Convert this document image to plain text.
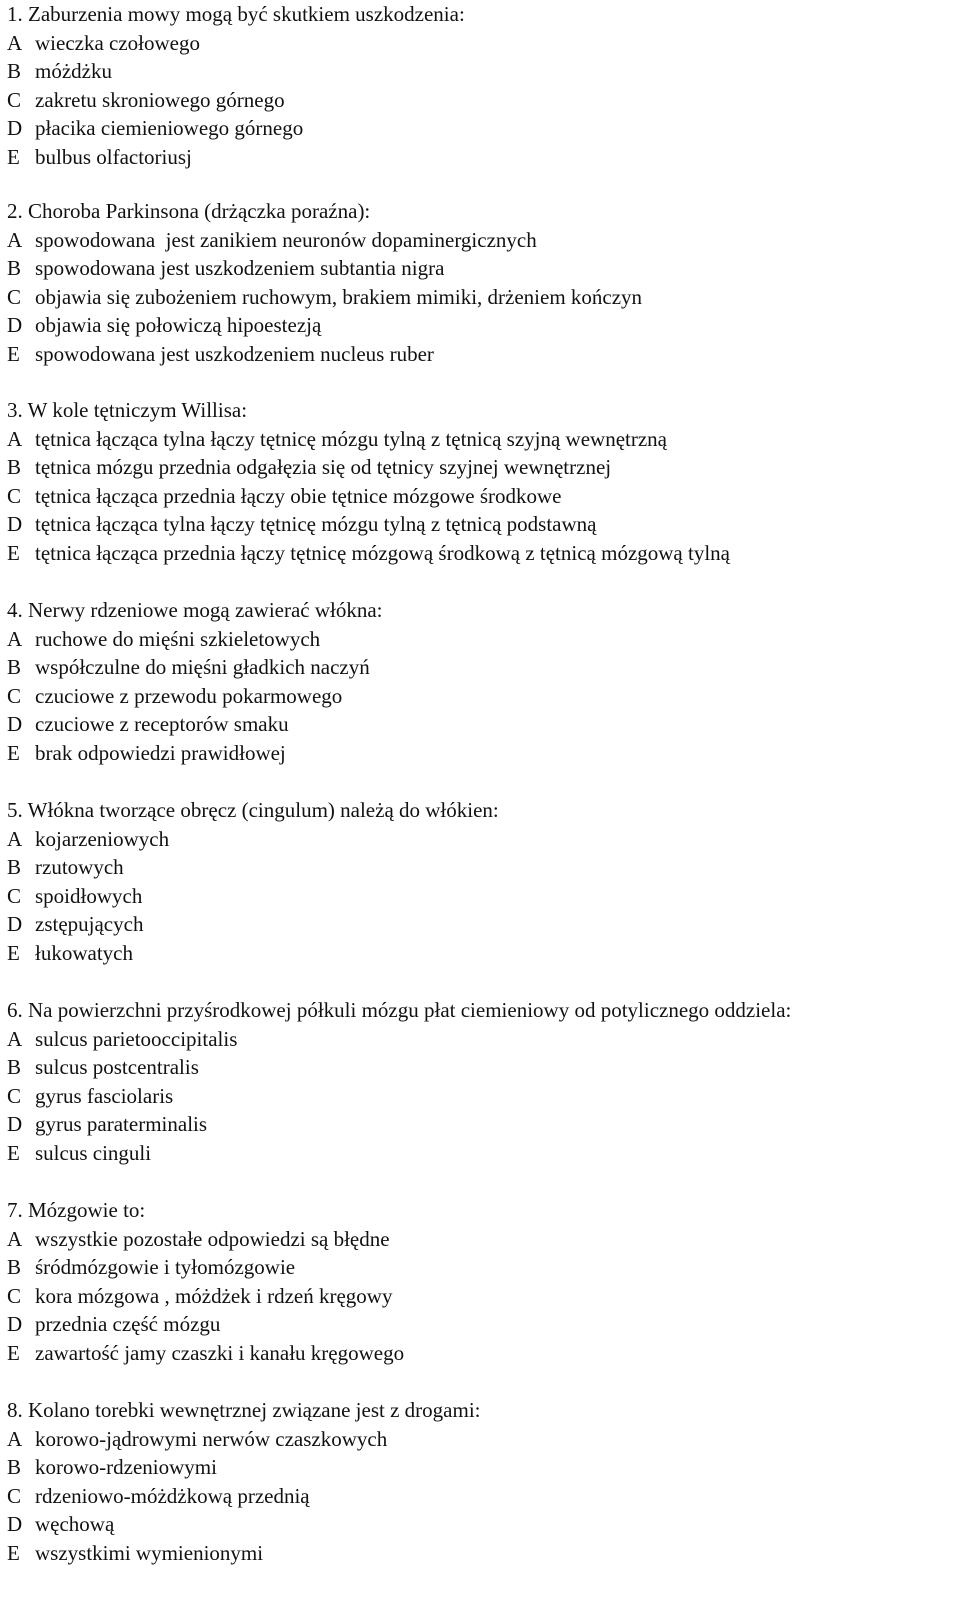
1. Zaburzenia mowy mogą być skutkiem uszkodzenia:
A wieczka czołowego
B móżdżku
C zakretu skroniowego górnego
D płacika ciemieniowego górnego
E bulbus olfactoriusj
2. Choroba Parkinsona (drżączka poraźna):
A spowodowana  jest zanikiem neuronów dopaminergicznych
B spowodowana jest uszkodzeniem subtantia nigra
C objawia się zubożeniem ruchowym, brakiem mimiki, drżeniem kończyn
D objawia się połowiczą hipoestezją
E spowodowana jest uszkodzeniem nucleus ruber
3. W kole tętniczym Willisa:
A tętnica łącząca tylna łączy tętnicę mózgu tylną z tętnicą szyjną wewnętrzną
B tętnica mózgu przednia odgałęzia się od tętnicy szyjnej wewnętrznej
C tętnica łącząca przednia łączy obie tętnice mózgowe środkowe
D tętnica łącząca tylna łączy tętnicę mózgu tylną z tętnicą podstawną
E tętnica łącząca przednia łączy tętnicę mózgową środkową z tętnicą mózgową tylną
4. Nerwy rdzeniowe mogą zawierać włókna:
A ruchowe do mięśni szkieletowych
B współczulne do mięśni gładkich naczyń
C czuciowe z przewodu pokarmowego
D czuciowe z receptorów smaku
E brak odpowiedzi prawidłowej
5. Włókna tworzące obręcz (cingulum) należą do włókien:
A kojarzeniowych
B rzutowych
C spoidłowych
D zstępujących
E łukowatych
6. Na powierzchni przyśrodkowej półkuli mózgu płat ciemieniowy od potylicznego oddziela:
A sulcus parietooccipitalis
B sulcus postcentralis
C gyrus fasciolaris
D gyrus paraterminalis
E sulcus cinguli
7. Mózgowie to:
A wszystkie pozostałe odpowiedzi są błędne
B śródmózgowie i tyłomózgowie
C kora mózgowa , móżdżek i rdzeń kręgowy
D przednia część mózgu
E zawartość jamy czaszki i kanału kręgowego
8. Kolano torebki wewnętrznej związane jest z drogami:
A korowo-jądrowymi nerwów czaszkowych
B korowo-rdzeniowymi
C rdzeniowo-móżdżkową przednią
D węchową
E wszystkimi wymienionymi
